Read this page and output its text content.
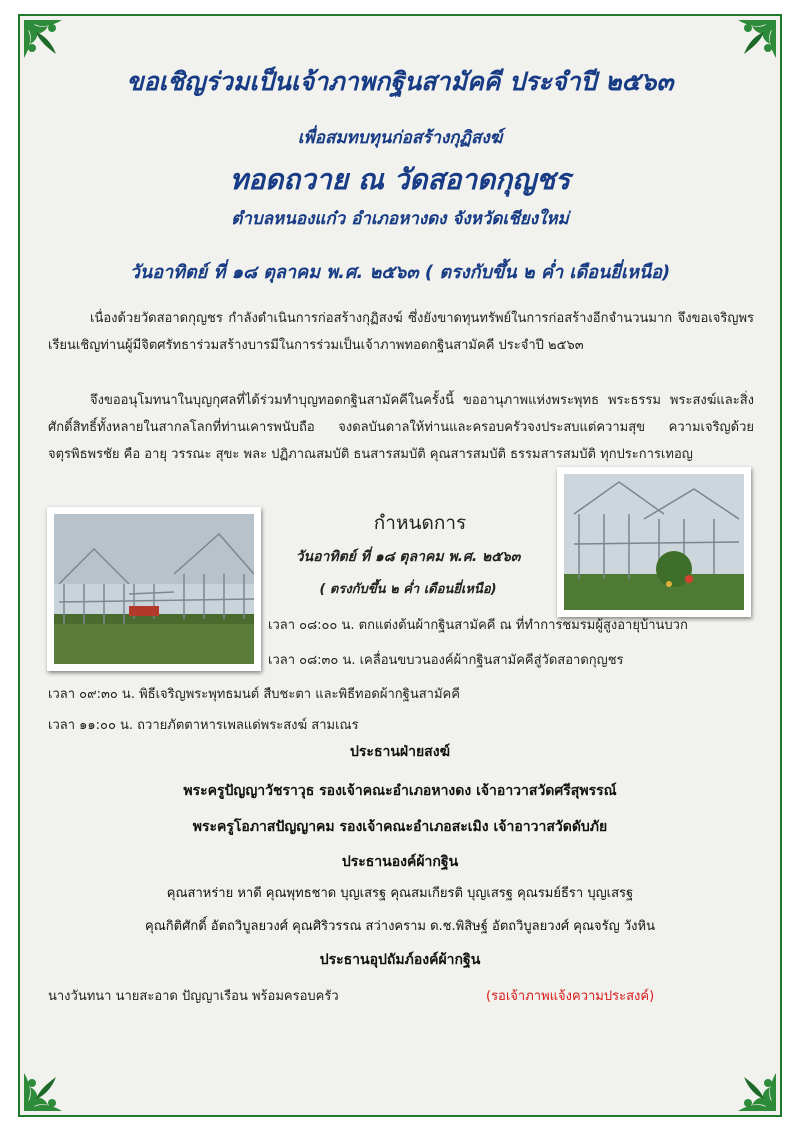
ขอเชิญร่วมเป็นเจ้าภาพกฐินสามัคคี ประจำปี ๒๕๖๓
เพื่อสมทบทุนก่อสร้างกุฏิสงฆ์
ทอดถวาย ณ วัดสอาดกุญชร
ตำบลหนองแก๋ว อำเภอหางดง จังหวัดเชียงใหม่
วันอาทิตย์ ที่ ๑๘ ตุลาคม พ.ศ. ๒๕๖๓ ( ตรงกับขึ้น ๒ ค่ำ เดือนยี่เหนือ)
เนื่องด้วยวัดสอาดกุญชร กำลังดำเนินการก่อสร้างกุฏิสงฆ์ ซึ่งยังขาดทุนทรัพย์ในการก่อสร้างอีกจำนวนมาก จึงขอเจริญพรเรียนเชิญท่านผู้มีจิตศรัทธาร่วมสร้างบารมีในการร่วมเป็นเจ้าภาพทอดกฐินสามัคคี ประจำปี ๒๕๖๓
จึงขออนุโมทนาในบุญกุศลที่ได้ร่วมทำบุญทอดกฐินสามัคคีในครั้งนี้ ขออานุภาพแห่งพระพุทธ พระธรรม พระสงฆ์และสิ่งศักดิ์สิทธิ์ทั้งหลายในสากลโลกที่ท่านเคารพนับถือ จงดลบันดาลให้ท่านและครอบครัวจงประสบแต่ความสุข ความเจริญด้วยจตุรพิธพรชัย คือ อายุ วรรณะ สุขะ พละ ปฏิภาณสมบัติ ธนสารสมบัติ คุณสารสมบัติ ธรรมสารสมบัติ ทุกประการเทอญ
กำหนดการ
วันอาทิตย์ ที่ ๑๘ ตุลาคม พ.ศ. ๒๕๖๓
( ตรงกับขึ้น ๒ ค่ำ เดือนยี่เหนือ)
เวลา ๐๘:๐๐ น. ตกแต่งต้นผ้ากฐินสามัคคี ณ ที่ทำการชมรมผู้สูงอายุบ้านบวก
เวลา ๐๘:๓๐ น. เคลื่อนขบวนองค์ผ้ากฐินสามัคคีสู่วัดสอาดกุญชร
เวลา ๐๙:๓๐ น. พิธีเจริญพระพุทธมนต์ สืบชะตา และพิธีทอดผ้ากฐินสามัคคี
เวลา ๑๑:๐๐ น. ถวายภัตตาหารเพลแด่พระสงฆ์ สามเณร
ประธานฝ่ายสงฆ์
พระครูปัญญาวัชราวุธ รองเจ้าคณะอำเภอหางดง เจ้าอาวาสวัดศรีสุพรรณ์
พระครูโอภาสปัญญาคม รองเจ้าคณะอำเภอสะเมิง เจ้าอาวาสวัดดับภัย
ประธานองค์ผ้ากฐิน
คุณสาหร่าย หาดี คุณพุทธชาด บุญเสรฐ คุณสมเกียรติ บุญเสรฐ คุณรมย์ธีรา บุญเสรฐ
คุณกิติศักดิ์ อัตถวิบูลยวงศ์ คุณศิริวรรณ สว่างคราม ด.ช.พิสิษฐ์ อัตถวิบูลยวงศ์ คุณจรัญ วังหิน
ประธานอุปถัมภ์องค์ผ้ากฐิน
นางวันทนา นายสะอาด ปัญญาเรือน พร้อมครอบครัว	(รอเจ้าภาพแจ้งความประสงค์)
